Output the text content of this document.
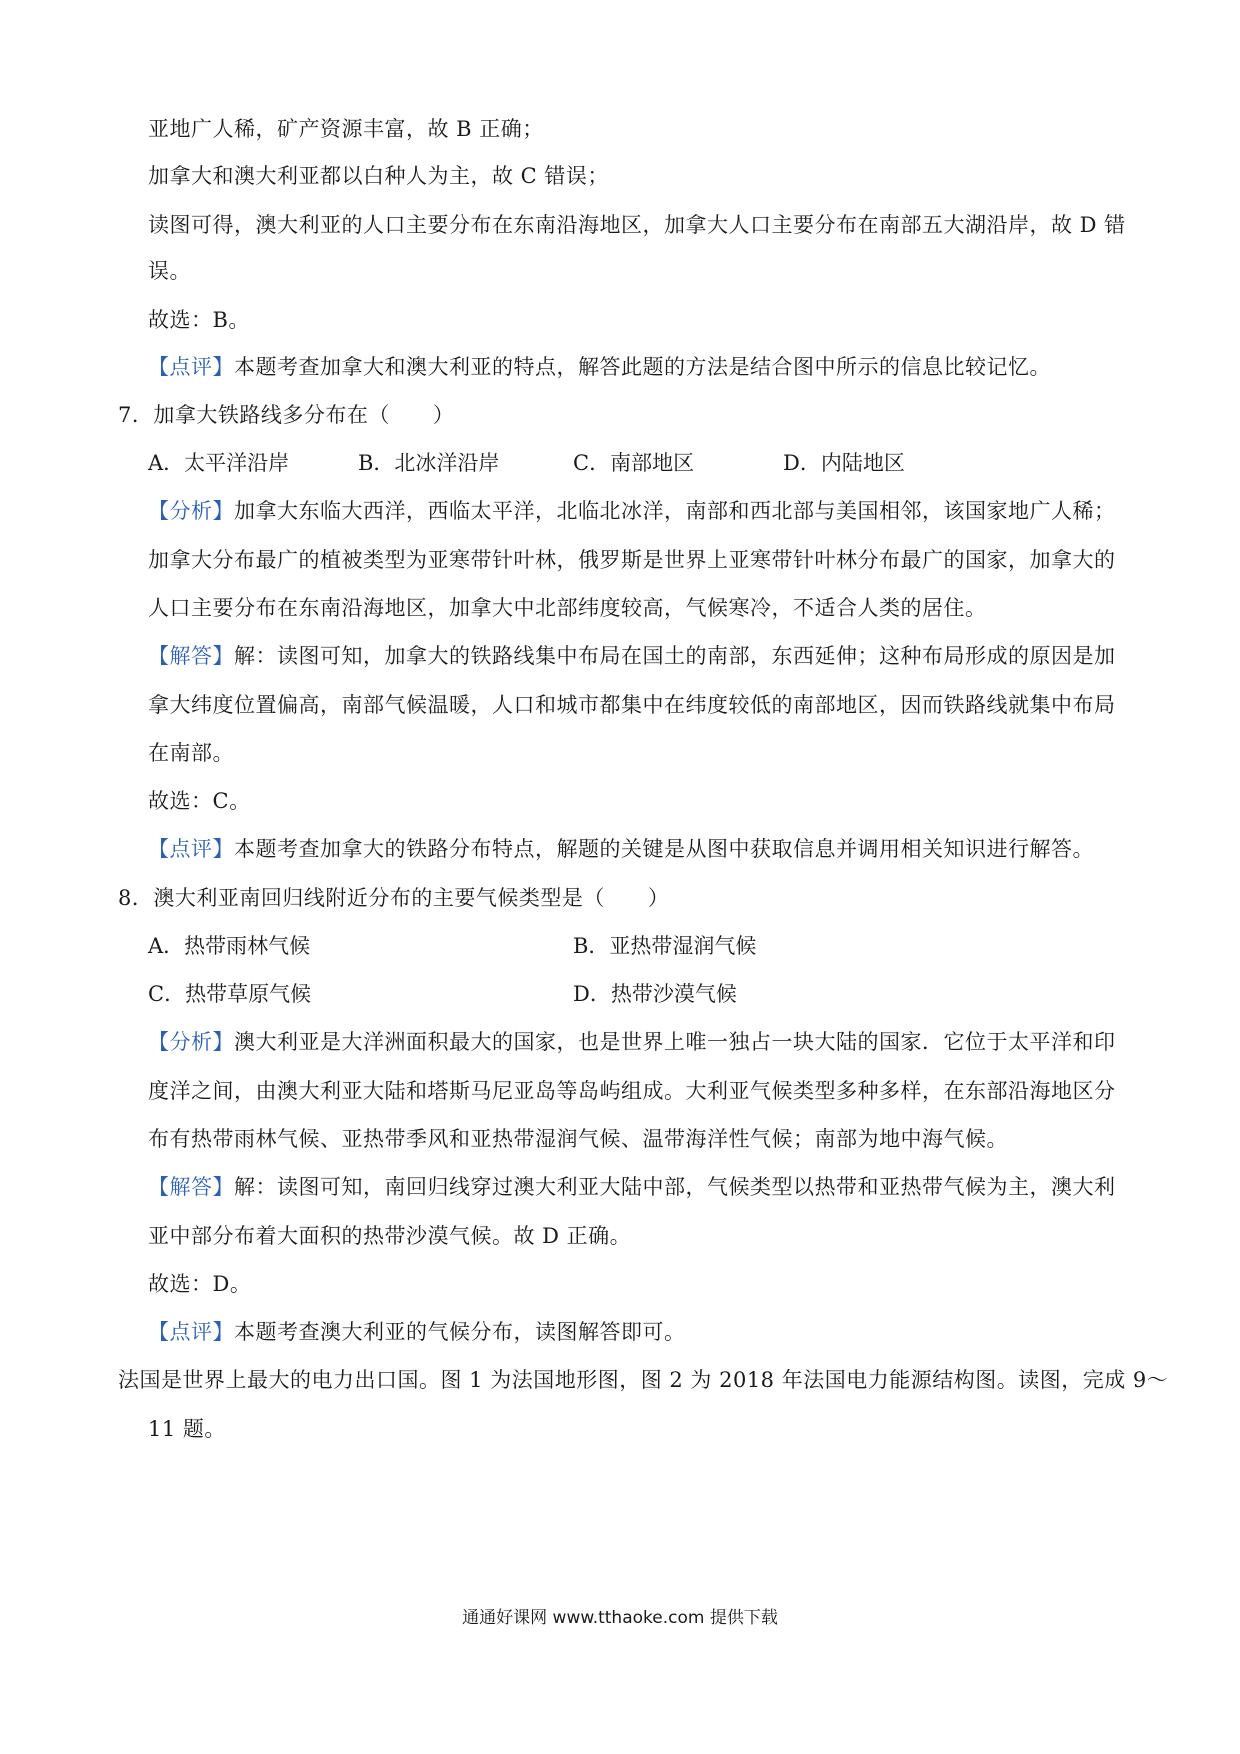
亚地广人稀，矿产资源丰富，故 B 正确；
加拿大和澳大利亚都以白种人为主，故 C 错误；
读图可得，澳大利亚的人口主要分布在东南沿海地区，加拿大人口主要分布在南部五大湖沿岸，故 D 错
误。
故选：B。
【点评】本题考查加拿大和澳大利亚的特点，解答此题的方法是结合图中所示的信息比较记忆。
7．加拿大铁路线多分布在（　　）
A．太平洋沿岸	B．北冰洋沿岸	C．南部地区	D．内陆地区
【分析】加拿大东临大西洋，西临太平洋，北临北冰洋，南部和西北部与美国相邻，该国家地广人稀；
加拿大分布最广的植被类型为亚寒带针叶林，俄罗斯是世界上亚寒带针叶林分布最广的国家，加拿大的
人口主要分布在东南沿海地区，加拿大中北部纬度较高，气候寒冷，不适合人类的居住。
【解答】解：读图可知，加拿大的铁路线集中布局在国土的南部，东西延伸；这种布局形成的原因是加
拿大纬度位置偏高，南部气候温暖，人口和城市都集中在纬度较低的南部地区，因而铁路线就集中布局
在南部。
故选：C。
【点评】本题考查加拿大的铁路分布特点，解题的关键是从图中获取信息并调用相关知识进行解答。
8．澳大利亚南回归线附近分布的主要气候类型是（　　）
A．热带雨林气候	B．亚热带湿润气候
C．热带草原气候	D．热带沙漠气候
【分析】澳大利亚是大洋洲面积最大的国家，也是世界上唯一独占一块大陆的国家．它位于太平洋和印
度洋之间，由澳大利亚大陆和塔斯马尼亚岛等岛屿组成。大利亚气候类型多种多样，在东部沿海地区分
布有热带雨林气候、亚热带季风和亚热带湿润气候、温带海洋性气候；南部为地中海气候。
【解答】解：读图可知，南回归线穿过澳大利亚大陆中部，气候类型以热带和亚热带气候为主，澳大利
亚中部分布着大面积的热带沙漠气候。故 D 正确。
故选：D。
【点评】本题考查澳大利亚的气候分布，读图解答即可。
法国是世界上最大的电力出口国。图 1 为法国地形图，图 2 为 2018 年法国电力能源结构图。读图，完成 9～
11 题。
通通好课网 www.tthaoke.com 提供下载
